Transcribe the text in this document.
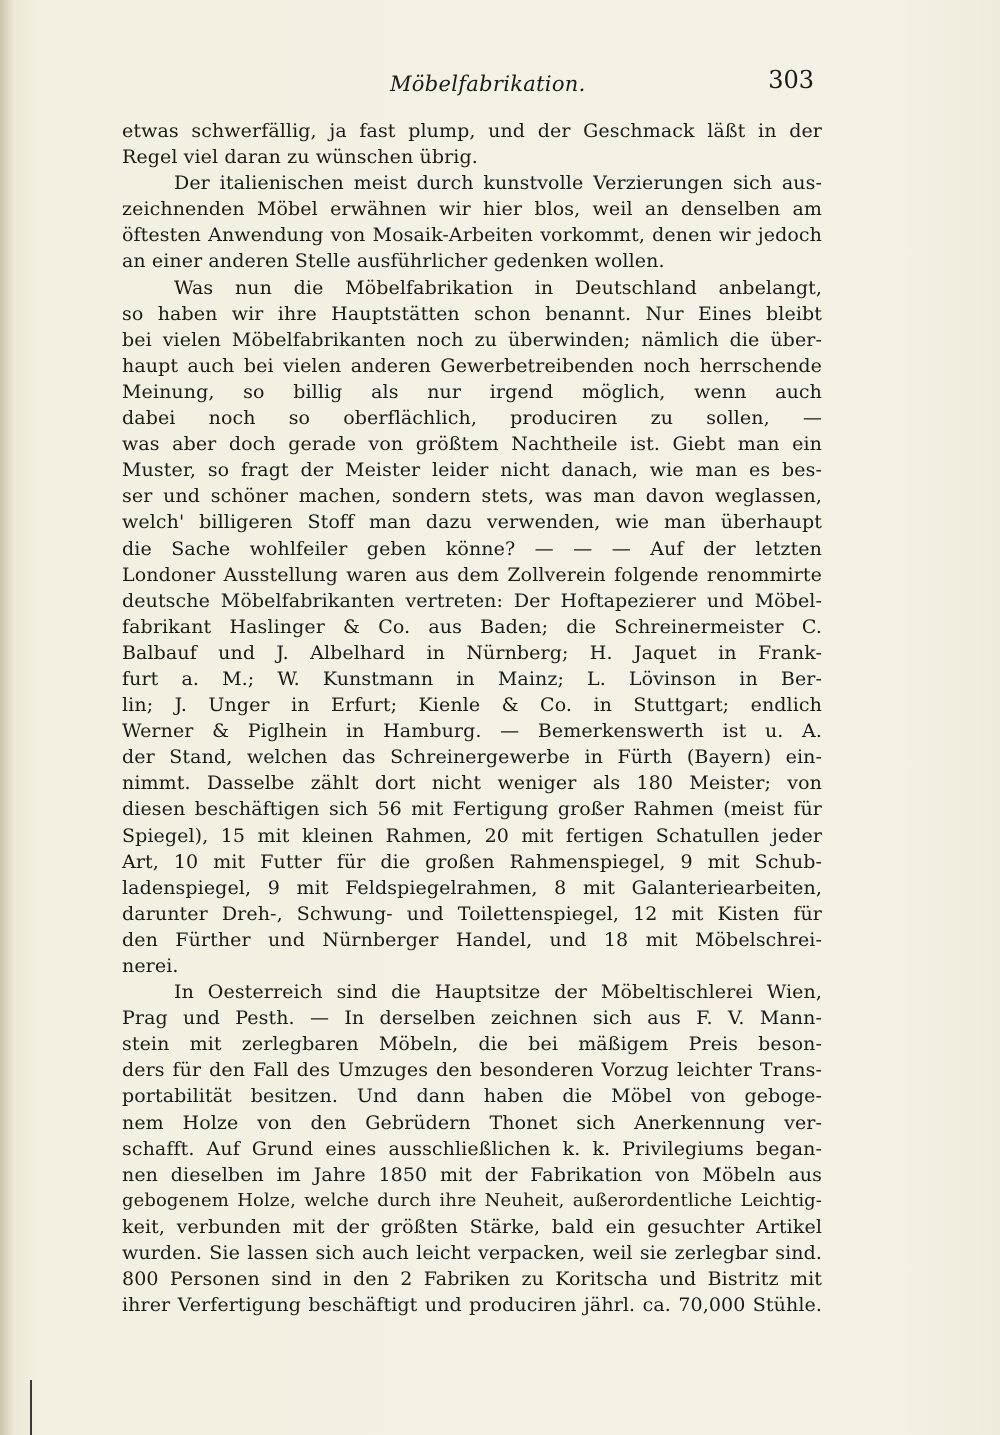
Möbelfabrikation.	303
etwas schwerfällig, ja fast plump, und der Geschmack läßt in der
Regel viel daran zu wünschen übrig.
Der italienischen meist durch kunstvolle Verzierungen sich aus-
zeichnenden Möbel erwähnen wir hier blos, weil an denselben am
öftesten Anwendung von Mosaik-Arbeiten vorkommt, denen wir jedoch
an einer anderen Stelle ausführlicher gedenken wollen.
Was nun die Möbelfabrikation in Deutschland anbelangt,
so haben wir ihre Hauptstätten schon benannt. Nur Eines bleibt
bei vielen Möbelfabrikanten noch zu überwinden; nämlich die über-
haupt auch bei vielen anderen Gewerbetreibenden noch herrschende
Meinung, so billig als nur irgend möglich, wenn auch
dabei noch so oberflächlich, produciren zu sollen, —
was aber doch gerade von größtem Nachtheile ist. Giebt man ein
Muster, so fragt der Meister leider nicht danach, wie man es bes-
ser und schöner machen, sondern stets, was man davon weglassen,
welch' billigeren Stoff man dazu verwenden, wie man überhaupt
die Sache wohlfeiler geben könne? — — — Auf der letzten
Londoner Ausstellung waren aus dem Zollverein folgende renommirte
deutsche Möbelfabrikanten vertreten: Der Hoftapezierer und Möbel-
fabrikant Haslinger & Co. aus Baden; die Schreinermeister C.
Balbauf und J. Albelhard in Nürnberg; H. Jaquet in Frank-
furt a. M.; W. Kunstmann in Mainz; L. Lövinson in Ber-
lin; J. Unger in Erfurt; Kienle & Co. in Stuttgart; endlich
Werner & Piglhein in Hamburg. — Bemerkenswerth ist u. A.
der Stand, welchen das Schreinergewerbe in Fürth (Bayern) ein-
nimmt. Dasselbe zählt dort nicht weniger als 180 Meister; von
diesen beschäftigen sich 56 mit Fertigung großer Rahmen (meist für
Spiegel), 15 mit kleinen Rahmen, 20 mit fertigen Schatullen jeder
Art, 10 mit Futter für die großen Rahmenspiegel, 9 mit Schub-
ladenspiegel, 9 mit Feldspiegelrahmen, 8 mit Galanteriearbeiten,
darunter Dreh-, Schwung- und Toilettenspiegel, 12 mit Kisten für
den Fürther und Nürnberger Handel, und 18 mit Möbelschrei-
nerei.
In Oesterreich sind die Hauptsitze der Möbeltischlerei Wien,
Prag und Pesth. — In derselben zeichnen sich aus F. V. Mann-
stein mit zerlegbaren Möbeln, die bei mäßigem Preis beson-
ders für den Fall des Umzuges den besonderen Vorzug leichter Trans-
portabilität besitzen. Und dann haben die Möbel von geboge-
nem Holze von den Gebrüdern Thonet sich Anerkennung ver-
schafft. Auf Grund eines ausschließlichen k. k. Privilegiums began-
nen dieselben im Jahre 1850 mit der Fabrikation von Möbeln aus
gebogenem Holze, welche durch ihre Neuheit, außerordentliche Leichtig-
keit, verbunden mit der größten Stärke, bald ein gesuchter Artikel
wurden. Sie lassen sich auch leicht verpacken, weil sie zerlegbar sind.
800 Personen sind in den 2 Fabriken zu Koritscha und Bistritz mit
ihrer Verfertigung beschäftigt und produciren jährl. ca. 70,000 Stühle.
